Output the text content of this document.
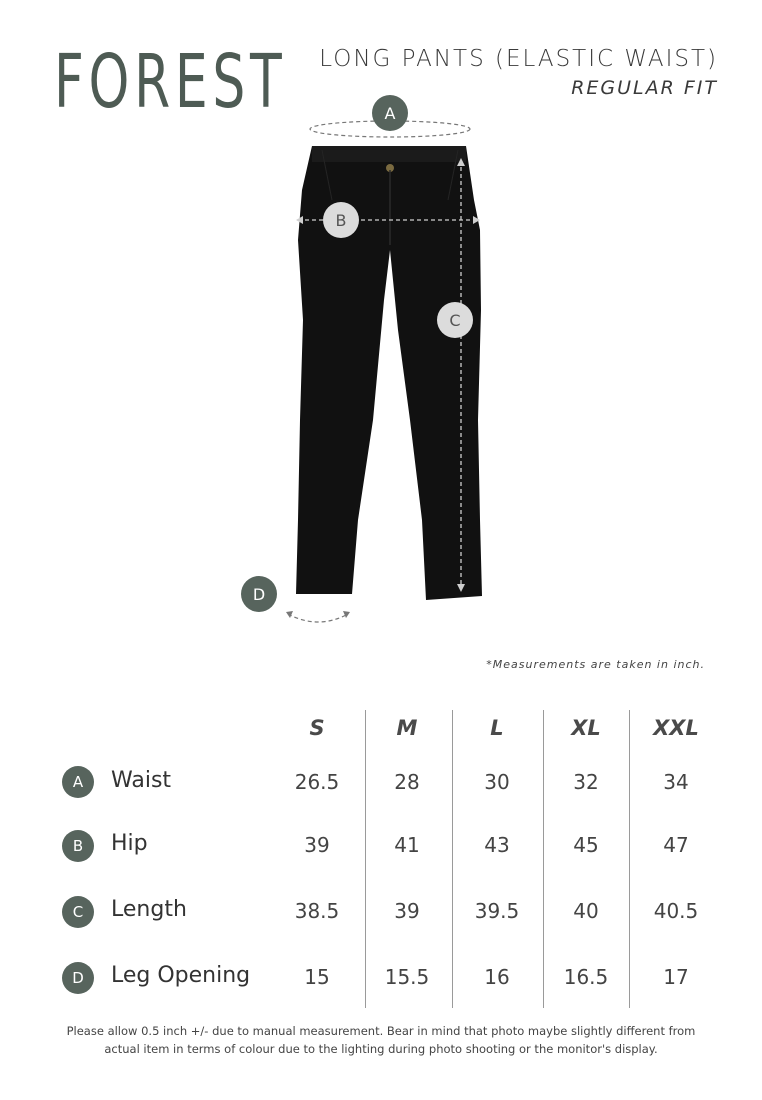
FOREST LONG PANTS (ELASTIC WAIST)
REGULAR FIT
A
B
C
D
*Measurements are taken in inch.
S	M	L	XL	XXL
A	Waist	26.5	28	30	32	34
B	Hip	39	41	43	45	47
C	Length	38.5	39	39.5	40	40.5
D	Leg Opening	15	15.5	16	16.5	17
Please allow 0.5 inch +/- due to manual measurement. Bear in mind that photo maybe slightly different from
actual item in terms of colour due to the lighting during photo shooting or the monitor's display.
